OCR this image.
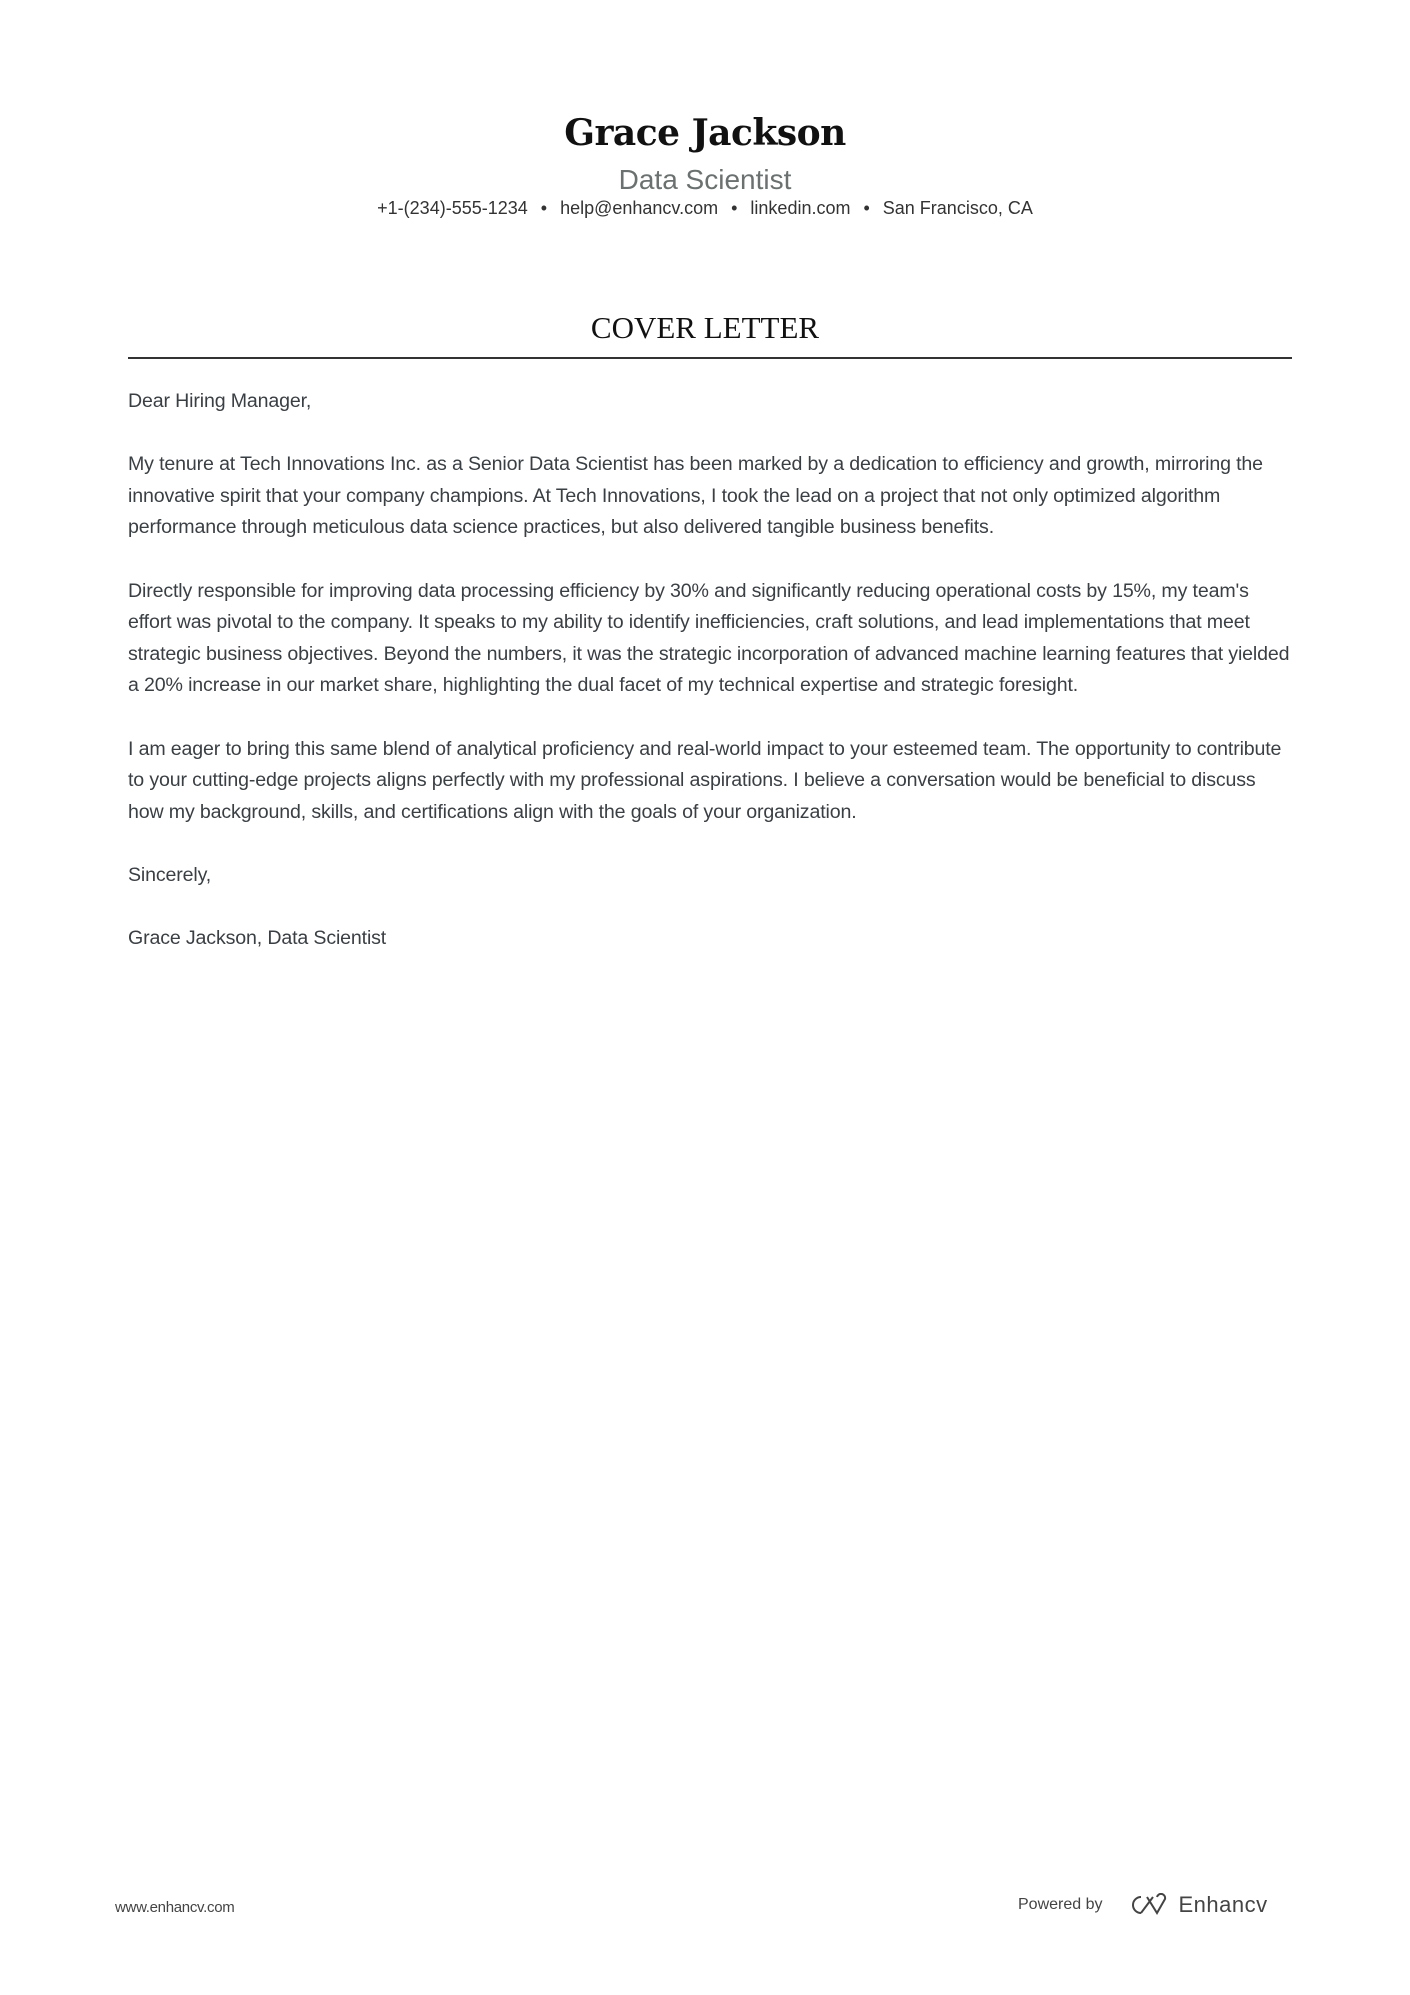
Grace Jackson
Data Scientist
+1-(234)-555-1234 • help@enhancv.com • linkedin.com • San Francisco, CA
COVER LETTER

Dear Hiring Manager,

My tenure at Tech Innovations Inc. as a Senior Data Scientist has been marked by a dedication to efficiency and growth, mirroring the innovative spirit that your company champions. At Tech Innovations, I took the lead on a project that not only optimized algorithm performance through meticulous data science practices, but also delivered tangible business benefits.

Directly responsible for improving data processing efficiency by 30% and significantly reducing operational costs by 15%, my team's effort was pivotal to the company. It speaks to my ability to identify inefficiencies, craft solutions, and lead implementations that meet strategic business objectives. Beyond the numbers, it was the strategic incorporation of advanced machine learning features that yielded a 20% increase in our market share, highlighting the dual facet of my technical expertise and strategic foresight.

I am eager to bring this same blend of analytical proficiency and real-world impact to your esteemed team. The opportunity to contribute to your cutting-edge projects aligns perfectly with my professional aspirations. I believe a conversation would be beneficial to discuss how my background, skills, and certifications align with the goals of your organization.

Sincerely,

Grace Jackson, Data Scientist

www.enhancv.com	Powered by	Enhancv
